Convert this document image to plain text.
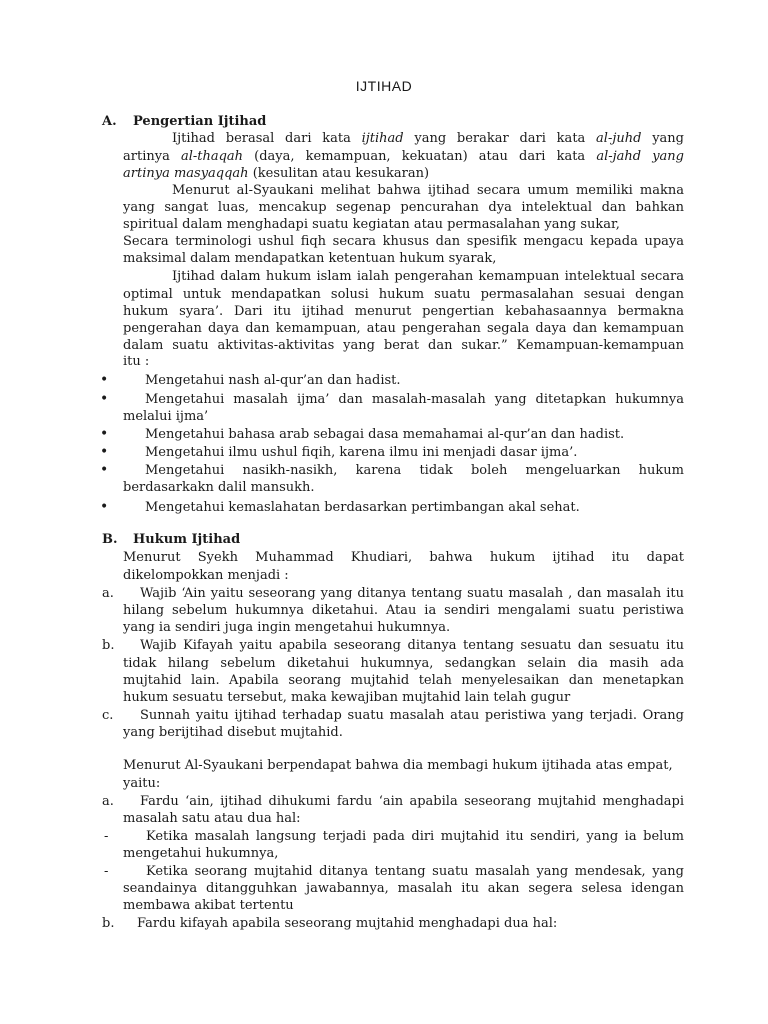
IJTIHAD
A. Pengertian Ijtihad
Ijtihad berasal dari kata ijtihad yang berakar dari kata al-juhd yang
artinya al-thaqah (daya, kemampuan, kekuatan) atau dari kata al-jahd yang
artinya masyaqqah (kesulitan atau kesukaran)
Menurut al-Syaukani melihat bahwa ijtihad secara umum memiliki makna
yang sangat luas, mencakup segenap pencurahan dya intelektual dan bahkan
spiritual dalam menghadapi suatu kegiatan atau permasalahan yang sukar,
Secara terminologi ushul fiqh secara khusus dan spesifik mengacu kepada upaya
maksimal dalam mendapatkan ketentuan hukum syarak,
Ijtihad dalam hukum islam ialah pengerahan kemampuan intelektual secara
optimal untuk mendapatkan solusi hukum suatu permasalahan sesuai dengan
hukum syara’. Dari itu ijtihad menurut pengertian kebahasaannya bermakna
pengerahan daya dan kemampuan, atau pengerahan segala daya dan kemampuan
dalam suatu aktivitas-aktivitas yang berat dan sukar.” Kemampuan-kemampuan
itu :
•	Mengetahui nash al-qur’an dan hadist.
•	Mengetahui masalah ijma’ dan masalah-masalah yang ditetapkan hukumnya
melalui ijma’
•	Mengetahui bahasa arab sebagai dasa memahamai al-qur’an dan hadist.
•	Mengetahui ilmu ushul fiqih, karena ilmu ini menjadi dasar ijma’.
•	Mengetahui nasikh-nasikh, karena tidak boleh mengeluarkan hukum
berdasarkakn dalil mansukh.
•	Mengetahui kemaslahatan berdasarkan pertimbangan akal sehat.
B. Hukum Ijtihad
Menurut Syekh Muhammad Khudiari, bahwa hukum ijtihad itu dapat
dikelompokkan menjadi :
a. Wajib ‘Ain yaitu seseorang yang ditanya tentang suatu masalah , dan masalah itu
hilang sebelum hukumnya diketahui. Atau ia sendiri mengalami suatu peristiwa
yang ia sendiri juga ingin mengetahui hukumnya.
b. Wajib Kifayah yaitu apabila seseorang ditanya tentang sesuatu dan sesuatu itu
tidak hilang sebelum diketahui hukumnya, sedangkan selain dia masih ada
mujtahid lain. Apabila seorang mujtahid telah menyelesaikan dan menetapkan
hukum sesuatu tersebut, maka kewajiban mujtahid lain telah gugur
c. Sunnah yaitu ijtihad terhadap suatu masalah atau peristiwa yang terjadi. Orang
yang berijtihad disebut mujtahid.
Menurut Al-Syaukani berpendapat bahwa dia membagi hukum ijtihada atas empat,
yaitu:
a. Fardu ‘ain, ijtihad dihukumi fardu ‘ain apabila seseorang mujtahid menghadapi
masalah satu atau dua hal:
-	Ketika masalah langsung terjadi pada diri mujtahid itu sendiri, yang ia belum
mengetahui hukumnya,
-	Ketika seorang mujtahid ditanya tentang suatu masalah yang mendesak, yang
seandainya ditangguhkan jawabannya, masalah itu akan segera selesa idengan
membawa akibat tertentu
b. Fardu kifayah apabila seseorang mujtahid menghadapi dua hal:
